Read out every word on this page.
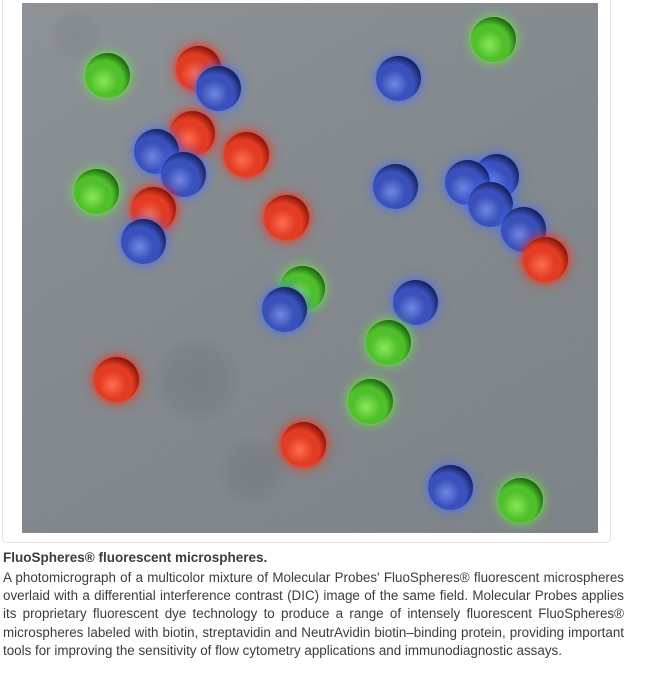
FluoSpheres® fluorescent microspheres.
A photomicrograph of a multicolor mixture of Molecular Probes' FluoSpheres® fluorescent microspheres overlaid with a differential interference contrast (DIC) image of the same field. Molecular Probes applies its proprietary fluorescent dye technology to produce a range of intensely fluorescent FluoSpheres® microspheres labeled with biotin, streptavidin and NeutrAvidin biotin–binding protein, providing important tools for improving the sensitivity of flow cytometry applications and immunodiagnostic assays.
